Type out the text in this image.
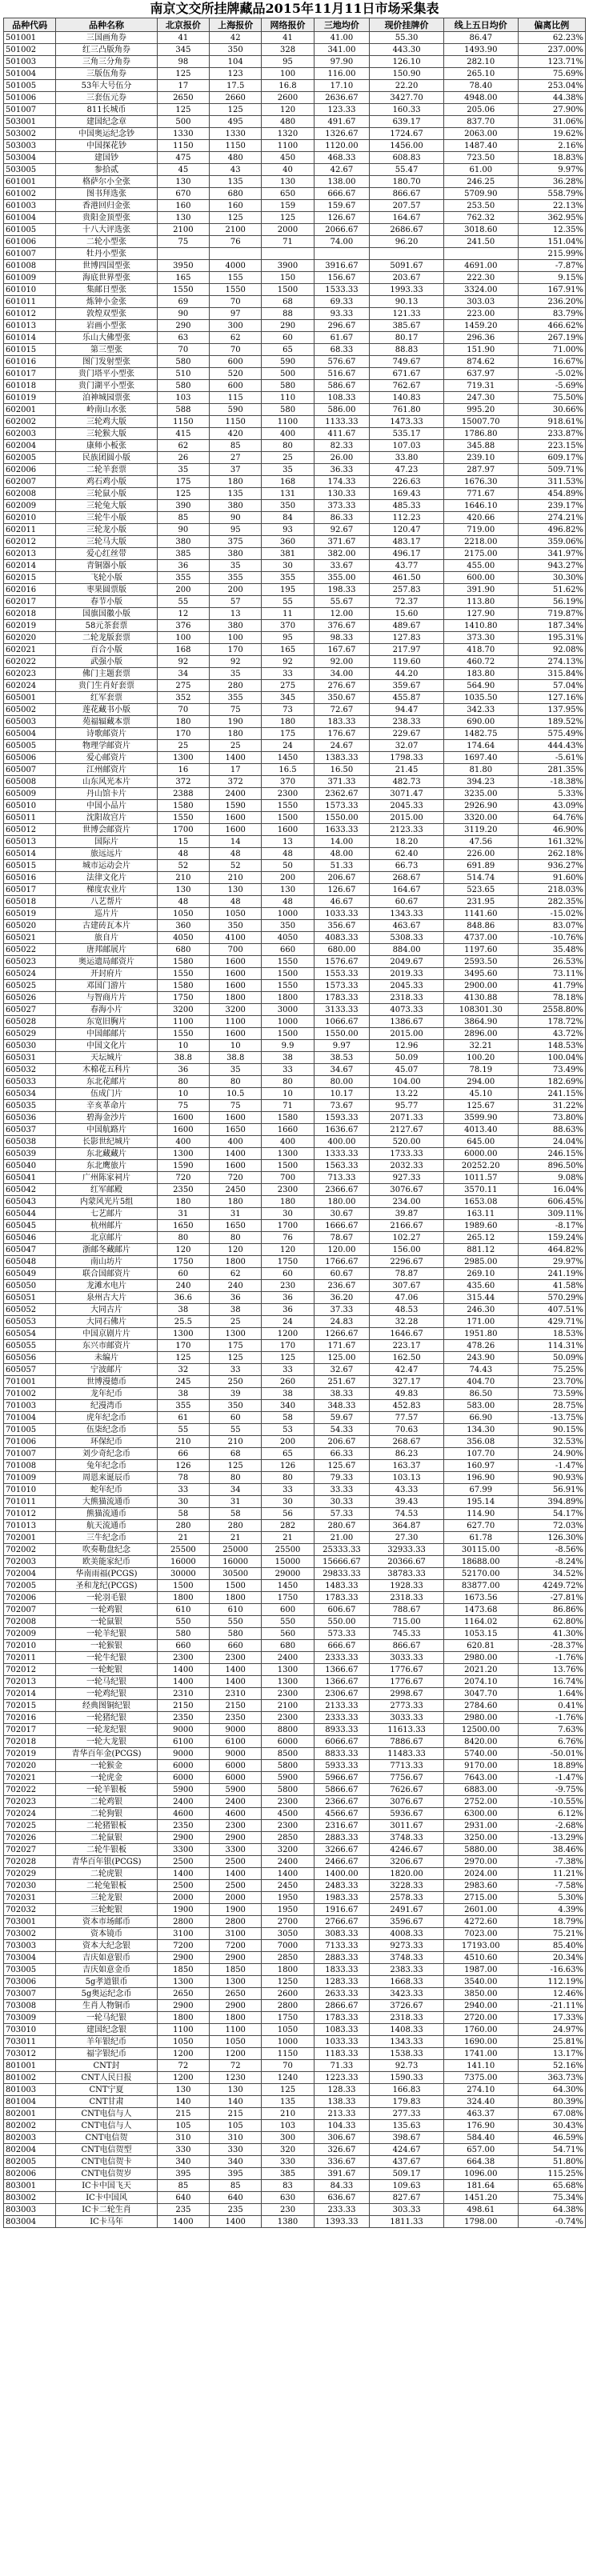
南京文交所挂牌藏品2015年11月11日市场采集表
品种代码	品种名称	北京报价	上海报价	网络报价	三地均价	现价挂牌价	线上五日均价	偏离比例
501001	三国画角券	41	42	41	41.00	55.30	86.47	62.23%
501002	红三凸版角券	345	350	328	341.00	443.30	1493.90	237.00%
501003	三角三分角券	98	104	95	97.90	126.10	282.10	123.71%
501004	三版伍角券	125	123	100	116.00	150.90	265.10	75.69%
501005	53年大号伍分	17	17.5	16.8	17.10	22.20	78.40	253.04%
501006	三套伍元券	2650	2660	2600	2636.67	3427.70	4948.00	44.38%
501007	811长城币	125	125	120	123.33	160.33	205.06	27.90%
503001	建国纪念章	500	495	480	491.67	639.17	837.70	31.06%
503002	中国奥运纪念钞	1330	1330	1320	1326.67	1724.67	2063.00	19.62%
503003	中国探花钞	1150	1150	1100	1120.00	1456.00	1487.40	2.16%
503004	建国钞	475	480	450	468.33	608.83	723.50	18.83%
503005	参拾贰	45	43	40	42.67	55.47	61.00	9.97%
601001	格萨尔小全张	130	135	130	138.00	180.70	246.25	36.28%
601002	图书拜选张	670	680	650	666.67	866.67	5709.90	558.79%
601003	香港回归金张	160	160	159	159.67	207.57	253.50	22.13%
601004	贵阳金顶型张	130	125	125	126.67	164.67	762.32	362.95%
601005	十八大评选张	2100	2100	2000	2066.67	2686.67	3018.60	12.35%
601006	二轮小型张	75	76	71	74.00	96.20	241.50	151.04%
601007	牡丹小型张							215.99%
601008	世博四国型张	3950	4000	3900	3916.67	5091.67	4691.00	-7.87%
601009	海底世界型张	165	155	150	156.67	203.67	222.30	9.15%
601010	集邮日型张	1550	1550	1500	1533.33	1993.33	3324.00	167.91%
601011	炼钟小金张	69	70	68	69.33	90.13	303.03	236.20%
601012	敦煌双型张	90	97	88	93.33	121.33	223.00	83.79%
601013	岩画小型张	290	300	290	296.67	385.67	1459.20	466.62%
601014	乐山大佛型张	63	62	60	61.67	80.17	296.36	267.19%
601015	第三型张	70	70	65	68.33	88.83	151.90	71.00%
601016	图门发射型张	580	600	590	576.67	749.67	874.62	16.67%
601017	贵门塔平小型张	510	520	500	516.67	671.67	637.97	-5.02%
601018	贵门湖平小型张	580	600	580	586.67	762.67	719.31	-5.69%
601019	泊神城园票张	103	115	110	108.33	140.83	247.30	75.50%
602001	岭南山水张	588	590	580	586.00	761.80	995.20	30.66%
602002	三轮鸡大版	1150	1150	1100	1133.33	1473.33	15007.70	918.61%
602003	三轮猴大版	415	420	400	411.67	535.17	1786.80	233.87%
602004	康师小板张	62	85	80	82.33	107.03	345.88	223.15%
602005	民族团圆小版	26	27	25	26.00	33.80	239.10	609.17%
602006	二轮羊套票	35	37	35	36.33	47.23	287.97	509.71%
602007	鸡石鸡小版	175	180	168	174.33	226.63	1676.30	311.53%
602008	三轮鼠小版	125	135	131	130.33	169.43	771.67	454.89%
602009	三轮兔大版	390	380	350	373.33	485.33	1646.10	239.17%
602010	三轮牛小版	85	90	84	86.33	112.23	420.66	274.21%
602011	三轮龙小版	90	95	93	92.67	120.47	719.00	496.82%
602012	三轮马大版	380	375	360	371.67	483.17	2218.00	359.06%
602013	爱心红丝带	385	380	381	382.00	496.17	2175.00	341.97%
602014	青铜器小版	36	35	30	33.67	43.77	455.00	943.27%
602015	飞轮小版	355	355	355	355.00	461.50	600.00	30.30%
602016	枣果圆票版	200	200	195	198.33	257.83	391.90	51.62%
602017	春节小版	55	57	55	55.67	72.37	113.80	56.19%
602018	国旗国徽小版	12	13	11	12.00	15.60	127.90	719.87%
602019	58元茶套票	376	380	370	376.67	489.67	1410.80	187.34%
602020	二轮龙版套票	100	100	95	98.33	127.83	373.30	195.31%
602021	百合小版	168	170	165	167.67	217.97	418.70	92.08%
602022	武强小版	92	92	92	92.00	119.60	460.72	274.13%
602023	佛门主题套票	34	35	33	34.00	44.20	183.80	315.84%
602024	贵门生肖好套票	275	280	275	276.67	359.67	564.90	57.04%
605001	红军套票	352	355	345	350.67	455.87	1035.50	127.16%
605002	莲花藏书小版	70	75	73	72.67	94.47	342.33	137.95%
605003	苑福辐藏本票	180	190	180	183.33	238.33	690.00	189.52%
605004	诗歌邮资片	170	180	175	176.67	229.67	1482.75	575.49%
605005	物理学邮资片	25	25	24	24.67	32.07	174.64	444.43%
605006	爱心邮资片	1300	1400	1450	1383.33	1798.33	1697.40	-5.61%
605007	江州邮资片	16	17	16.5	16.50	21.45	81.80	281.35%
605008	山东风光本片	372	372	370	371.33	482.73	394.23	-18.38%
605009	丹山馆卡片	2388	2400	2300	2362.67	3071.47	3235.00	5.33%
605010	中国小品片	1580	1590	1550	1573.33	2045.33	2926.90	43.09%
605011	沈阳故宫片	1550	1600	1500	1550.00	2015.00	3320.00	64.76%
605012	世博会邮资片	1700	1600	1600	1633.33	2123.33	3119.20	46.90%
605013	国际片	15	14	13	14.00	18.20	47.56	161.32%
605014	旅远远片	48	48	48	48.00	62.40	226.00	262.18%
605015	城市运动会片	52	52	50	51.33	66.73	691.89	936.27%
605016	法律文化片	210	210	200	206.67	268.67	514.74	91.60%
605017	梯度农业片	130	130	130	126.67	164.67	523.65	218.03%
605018	八艺帮片	48	48	48	46.67	60.67	231.95	282.35%
605019	巡片片	1050	1050	1000	1033.33	1343.33	1141.60	-15.02%
605020	古建砖瓦本片	360	350	350	356.67	463.67	848.86	83.07%
605021	旅自片	4050	4100	4050	4083.33	5308.33	4737.00	-10.76%
605022	唐邦邮展片	680	700	660	680.00	884.00	1197.60	35.48%
605023	奥运遗局邮资片	1580	1600	1550	1576.67	2049.67	2593.50	26.53%
605024	开封府片	1550	1600	1500	1553.33	2019.33	3495.60	73.11%
605025	邓国门游片	1580	1600	1550	1573.33	2045.33	2900.00	41.79%
605026	与智商片片	1750	1800	1800	1783.33	2318.33	4130.88	78.18%
605027	春海小片	3200	3200	3000	3133.33	4073.33	108301.30	2558.80%
605028	东宽旧胸片	1100	1100	1000	1066.67	1386.67	3864.90	178.72%
605029	中国邮邮片	1550	1600	1500	1550.00	2015.00	2896.00	43.72%
605030	中国文化片	10	10	9.9	9.97	12.96	32.21	148.53%
605031	天坛城片	38.8	38.8	38	38.53	50.09	100.20	100.04%
605032	木棉花五科片	36	35	33	34.67	45.07	78.19	73.49%
605033	东北花邮片	80	80	80	80.00	104.00	294.00	182.69%
605034	伍成门片	10	10.5	10	10.17	13.22	45.10	241.15%
605035	辛亥革命片	75	75	71	73.67	95.77	125.67	31.22%
605036	碧海金沙片	1600	1600	1580	1593.33	2071.33	3599.90	73.80%
605037	中国航路片	1600	1650	1660	1636.67	2127.67	4013.40	88.63%
605038	长影世纪城片	400	400	400	400.00	520.00	645.00	24.04%
605039	东北藏藏片	1300	1400	1300	1333.33	1733.33	6000.00	246.15%
605040	东北鹰旅片	1590	1600	1500	1563.33	2032.33	20252.20	896.50%
605041	广州陈家祠片	720	720	700	713.33	927.33	1011.57	9.08%
605042	红军邮殿	2350	2450	2300	2366.67	3076.67	3570.11	16.04%
605043	内蒙风光片5组	180	180	180	180.00	234.00	1653.08	606.45%
605044	七艺邮片	31	31	30	30.67	39.87	163.11	309.11%
605045	杭州邮片	1650	1650	1700	1666.67	2166.67	1989.60	-8.17%
605046	北京邮片	80	80	76	78.67	102.27	265.12	159.24%
605047	浙邮冬藏邮片	120	120	120	120.00	156.00	881.12	464.82%
605048	南山坊片	1750	1800	1750	1766.67	2296.67	2985.00	29.97%
605049	联合国邮资片	60	62	60	60.67	78.87	269.10	241.19%
605050	龙滩水电片	240	240	230	236.67	307.67	435.60	41.58%
605051	泉州古大片	36.6	36	36	36.20	47.06	315.44	570.29%
605052	大同古片	38	38	36	37.33	48.53	246.30	407.51%
605053	大同石佛片	25.5	25	24	24.83	32.28	171.00	429.71%
605054	中国京剧片片	1300	1300	1200	1266.67	1646.67	1951.80	18.53%
605055	东兴市邮资片	170	175	170	171.67	223.17	478.26	114.31%
605056	未编片	125	125	125	125.00	162.50	243.90	50.09%
605057	宁波邮片	32	33	33	32.67	42.47	74.43	75.25%
701001	世博漫德币	245	250	260	251.67	327.17	404.70	23.70%
701002	龙年纪币	38	39	38	38.33	49.83	86.50	73.59%
701003	纪漫湾币	355	350	340	348.33	452.83	583.00	28.75%
701004	虎年纪念币	61	60	58	59.67	77.57	66.90	-13.75%
701005	伍柒纪念币	55	55	53	54.33	70.63	134.30	90.15%
701006	环保纪币	210	210	200	206.67	268.67	356.08	32.53%
701007	刘少奇纪念币	66	68	65	66.33	86.23	107.70	24.90%
701008	兔年纪念币	126	125	126	125.67	163.37	160.97	-1.47%
701009	周恩来诞辰币	78	80	80	79.33	103.13	196.90	90.93%
701010	蛇年纪币	33	34	33	33.33	43.33	67.99	56.91%
701011	大熊猫流通币	30	31	30	30.33	39.43	195.14	394.89%
701012	熊猫流通币	58	58	56	57.33	74.53	114.90	54.17%
701013	航天流通币	280	280	282	280.67	364.87	627.70	72.03%
702001	三牛纪念币	21	21	21	21.00	27.30	61.78	126.30%
702002	吹奏勒盘纪念	25500	25000	25500	25333.33	32933.33	30115.00	-8.56%
702003	欧美能家纪币	16000	16000	15000	15666.67	20366.67	18688.00	-8.24%
702004	华南雨福(PCGS)	30000	30500	29000	29833.33	38783.33	52170.00	34.52%
702005	圣和龙纪(PCGS)	1500	1500	1450	1483.33	1928.33	83877.00	4249.72%
702006	一轮羽毛银	1800	1800	1750	1783.33	2318.33	1673.56	-27.81%
702007	一轮鸡银	610	610	600	606.67	788.67	1473.68	86.86%
702008	一轮鼠银	550	550	550	550.00	715.00	1164.02	62.80%
702009	一轮羊纪银	580	580	560	573.33	745.33	1053.15	41.30%
702010	一轮猴银	660	660	680	666.67	866.67	620.81	-28.37%
702011	一轮牛纪银	2300	2300	2400	2333.33	3033.33	2980.00	-1.76%
702012	一轮蛇银	1400	1400	1300	1366.67	1776.67	2021.20	13.76%
702013	一轮马纪银	1400	1400	1300	1366.67	1776.67	2074.10	16.74%
702014	一轮鸡纪银	2310	2310	2300	2306.67	2998.67	3047.70	1.64%
702015	经典图铜纪银	2150	2150	2100	2133.33	2773.33	2784.60	0.41%
702016	一轮猪纪银	2350	2350	2300	2333.33	3033.33	2980.00	-1.76%
702017	一轮龙纪银	9000	9000	8800	8933.33	11613.33	12500.00	7.63%
702018	一轮大龙银	6100	6100	6000	6066.67	7886.67	8420.00	6.76%
702019	青华百年金(PCGS)	9000	9000	8500	8833.33	11483.33	5740.00	-50.01%
702020	一轮猴金	6000	6000	5800	5933.33	7713.33	9170.00	18.89%
702021	一轮虎金	6000	6000	5900	5966.67	7756.67	7643.00	-1.47%
702022	一轮羊银板	5900	5900	5800	5866.67	7626.67	6883.00	-9.75%
702023	二轮鸡银	2400	2400	2300	2366.67	3076.67	2752.00	-10.55%
702024	二轮狗银	4600	4600	4500	4566.67	5936.67	6300.00	6.12%
702025	二轮猪银板	2350	2300	2300	2316.67	3011.67	2931.00	-2.68%
702026	二轮鼠银	2900	2900	2850	2883.33	3748.33	3250.00	-13.29%
702027	二轮牛银板	3300	3300	3200	3266.67	4246.67	5880.00	38.46%
702028	青华百年银(PCGS)	2500	2500	2400	2466.67	3206.67	2970.00	-7.38%
702029	二轮虎银	1400	1400	1400	1400.00	1820.00	2024.00	11.21%
702030	二轮兔银板	2500	2500	2450	2483.33	3228.33	2983.60	-7.58%
702031	三轮龙银	2000	2000	1950	1983.33	2578.33	2715.00	5.30%
702032	三轮蛇银	1900	1900	1950	1916.67	2491.67	2601.00	4.39%
703001	资本市场邮币	2800	2800	2700	2766.67	3596.67	4272.60	18.79%
703002	资本镜币	3100	3100	3050	3083.33	4008.33	7023.00	75.21%
703003	资本大纪念银	7200	7200	7000	7133.33	9273.33	17193.00	85.40%
703004	吉庆如意银币	2900	2900	2850	2883.33	3748.33	4510.60	20.34%
703005	吉庆如意金币	1850	1850	1800	1833.33	2383.33	1987.00	-16.63%
703006	5g孝道银币	1300	1300	1250	1283.33	1668.33	3540.00	112.19%
703007	5g奥运纪念币	2650	2650	2600	2633.33	3423.33	3850.00	12.46%
703008	生肖人物铜币	2900	2900	2800	2866.67	3726.67	2940.00	-21.11%
703009	一轮马纪银	1800	1800	1750	1783.33	2318.33	2720.00	17.33%
703010	建国纪念银	1100	1100	1050	1083.33	1408.33	1760.00	24.97%
703011	羊年银纪币	1050	1050	1000	1033.33	1343.33	1690.00	25.81%
703012	福字银纪币	1200	1200	1150	1183.33	1538.33	1741.00	13.17%
801001	CNT封	72	72	70	71.33	92.73	141.10	52.16%
801002	CNT人民日报	1200	1230	1240	1223.33	1590.33	7375.00	363.73%
801003	CNT宁夏	130	130	125	128.33	166.83	274.10	64.30%
801004	CNT甘肃	140	140	135	138.33	179.83	324.40	80.39%
802001	CNT电信与人	215	215	210	213.33	277.33	463.37	67.08%
802002	CNT电信与人	105	105	103	104.33	135.63	176.90	30.43%
802003	CNT电信贺	310	310	300	306.67	398.67	584.40	46.59%
802004	CNT电信贺型	330	330	320	326.67	424.67	657.00	54.71%
802005	CNT电信贺卡	340	340	330	336.67	437.67	664.38	51.80%
802006	CNT电信贺岁	395	395	385	391.67	509.17	1096.00	115.25%
803001	IC卡中国飞天	85	85	83	84.33	109.63	181.64	65.68%
803002	IC卡中国风	640	640	630	636.67	827.67	1451.20	75.34%
803003	IC卡二轮生肖	235	235	230	233.33	303.33	498.61	64.38%
803004	IC卡马年	1400	1400	1380	1393.33	1811.33	1798.00	-0.74%
